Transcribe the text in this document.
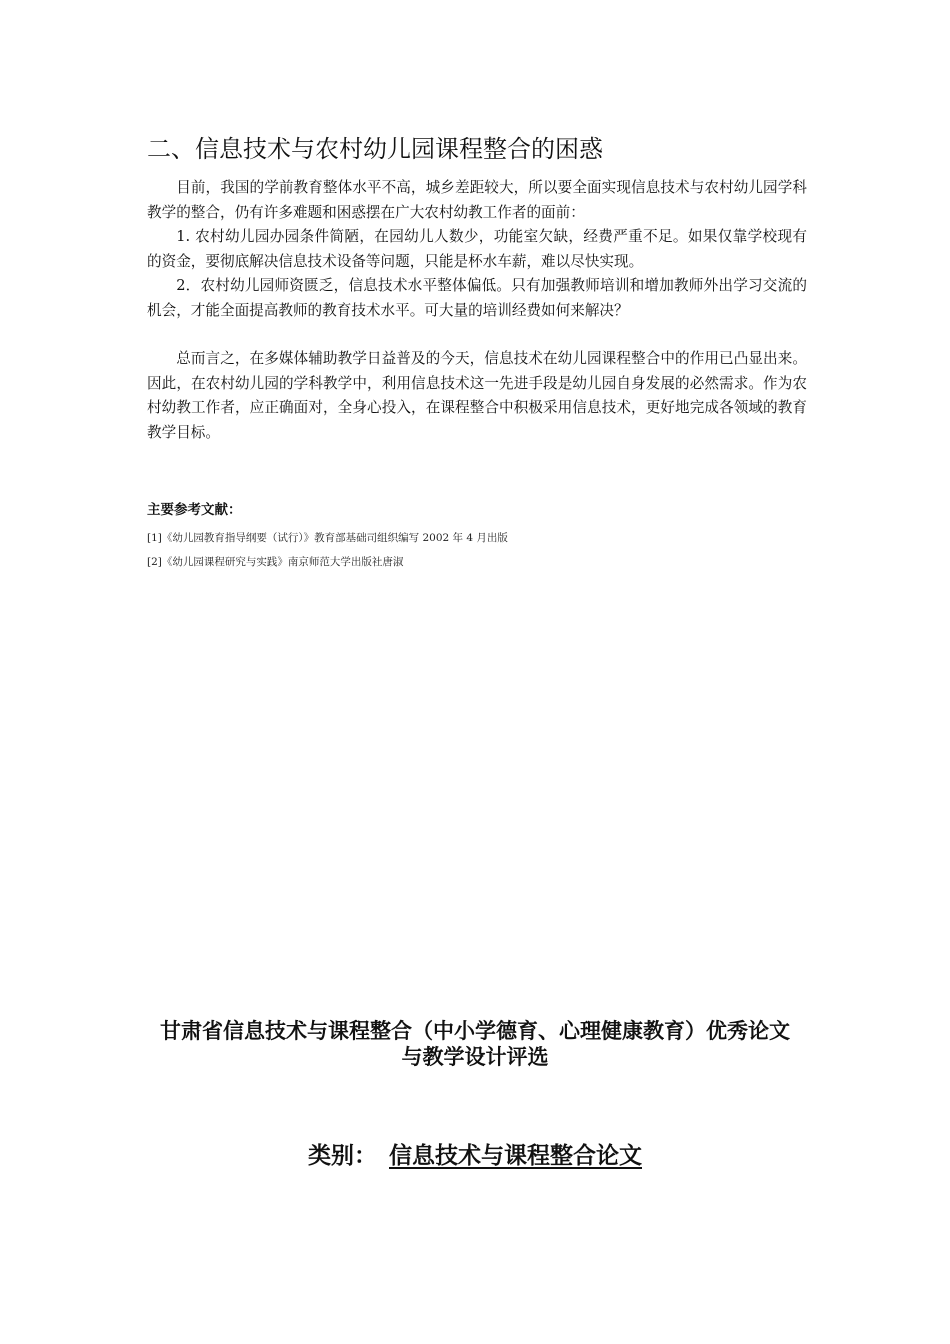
二、信息技术与农村幼儿园课程整合的困惑

目前，我国的学前教育整体水平不高，城乡差距较大，所以要全面实现信息技术与农村幼儿园学科教学的整合，仍有许多难题和困惑摆在广大农村幼教工作者的面前：

1. 农村幼儿园办园条件简陋，在园幼儿人数少，功能室欠缺，经费严重不足。如果仅靠学校现有的资金，要彻底解决信息技术设备等问题，只能是杯水车薪，难以尽快实现。

2．农村幼儿园师资匮乏，信息技术水平整体偏低。只有加强教师培训和增加教师外出学习交流的机会，才能全面提高教师的教育技术水平。可大量的培训经费如何来解决？

总而言之，在多媒体辅助教学日益普及的今天，信息技术在幼儿园课程整合中的作用已凸显出来。因此，在农村幼儿园的学科教学中，利用信息技术这一先进手段是幼儿园自身发展的必然需求。作为农村幼教工作者，应正确面对，全身心投入，在课程整合中积极采用信息技术，更好地完成各领域的教育教学目标。

主要参考文献：
[1]《幼儿园教育指导纲要（试行）》教育部基础司组织编写 2002 年 4 月出版
[2]《幼儿园课程研究与实践》南京师范大学出版社唐淑
甘肃省信息技术与课程整合（中小学德育、心理健康教育）优秀论文
与教学设计评选
类别： 信息技术与课程整合论文
